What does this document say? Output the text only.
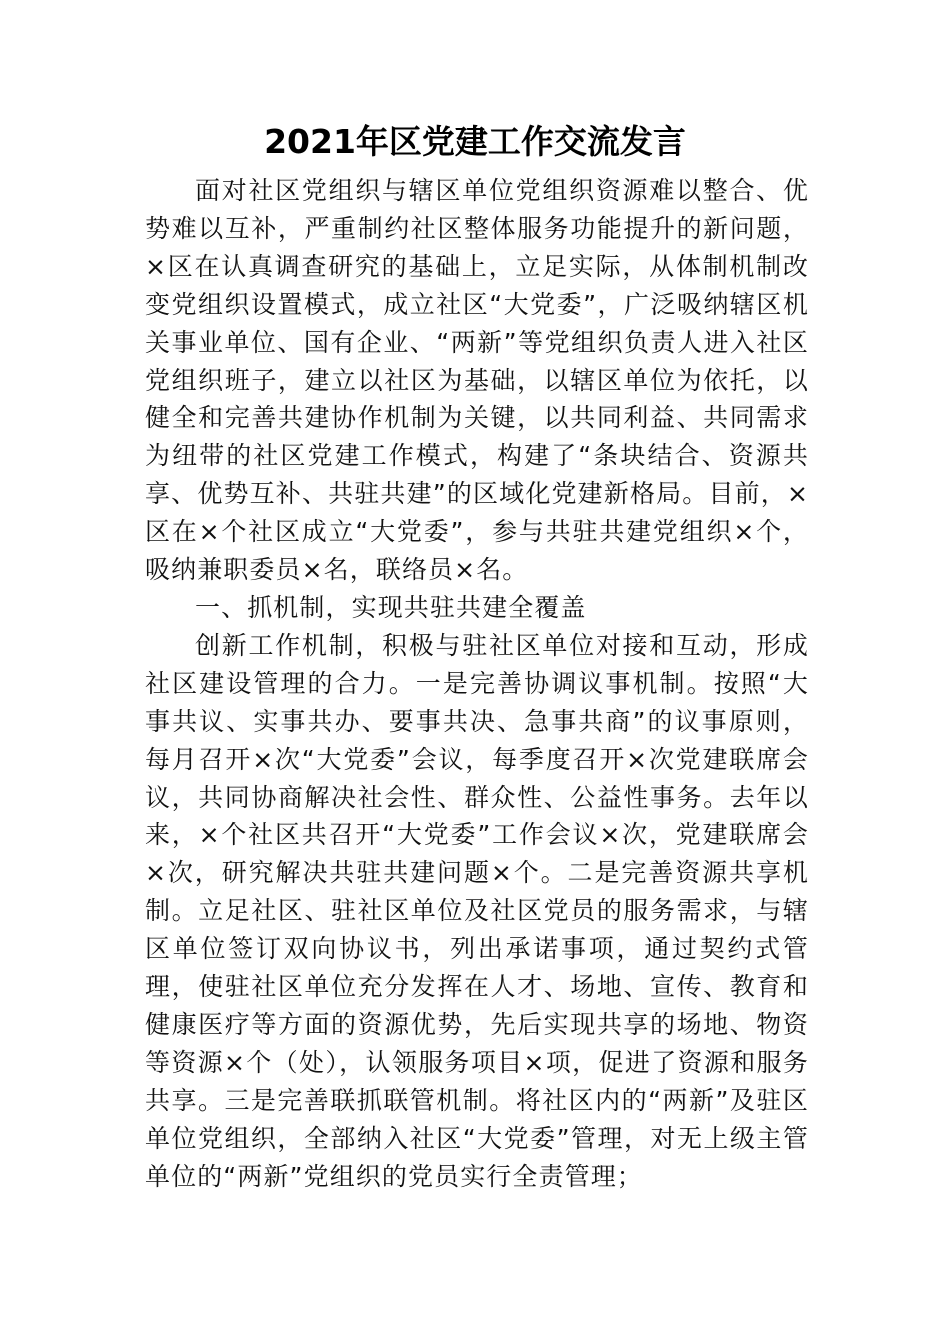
2021年区党建工作交流发言

面对社区党组织与辖区单位党组织资源难以整合、优势难以互补，严重制约社区整体服务功能提升的新问题，×区在认真调查研究的基础上，立足实际，从体制机制改变党组织设置模式，成立社区“大党委”，广泛吸纳辖区机关事业单位、国有企业、“两新”等党组织负责人进入社区党组织班子，建立以社区为基础，以辖区单位为依托，以健全和完善共建协作机制为关键，以共同利益、共同需求为纽带的社区党建工作模式，构建了“条块结合、资源共享、优势互补、共驻共建”的区域化党建新格局。目前，×区在×个社区成立“大党委”，参与共驻共建党组织×个，吸纳兼职委员×名，联络员×名。

一、抓机制，实现共驻共建全覆盖

创新工作机制，积极与驻社区单位对接和互动，形成社区建设管理的合力。一是完善协调议事机制。按照“大事共议、实事共办、要事共决、急事共商”的议事原则，每月召开×次“大党委”会议，每季度召开×次党建联席会议，共同协商解决社会性、群众性、公益性事务。去年以来，×个社区共召开“大党委”工作会议×次，党建联席会×次，研究解决共驻共建问题×个。二是完善资源共享机制。立足社区、驻社区单位及社区党员的服务需求，与辖区单位签订双向协议书，列出承诺事项，通过契约式管理，使驻社区单位充分发挥在人才、场地、宣传、教育和健康医疗等方面的资源优势，先后实现共享的场地、物资等资源×个（处），认领服务项目×项，促进了资源和服务共享。三是完善联抓联管机制。将社区内的“两新”及驻区单位党组织，全部纳入社区“大党委”管理，对无上级主管单位的“两新”党组织的党员实行全责管理；
